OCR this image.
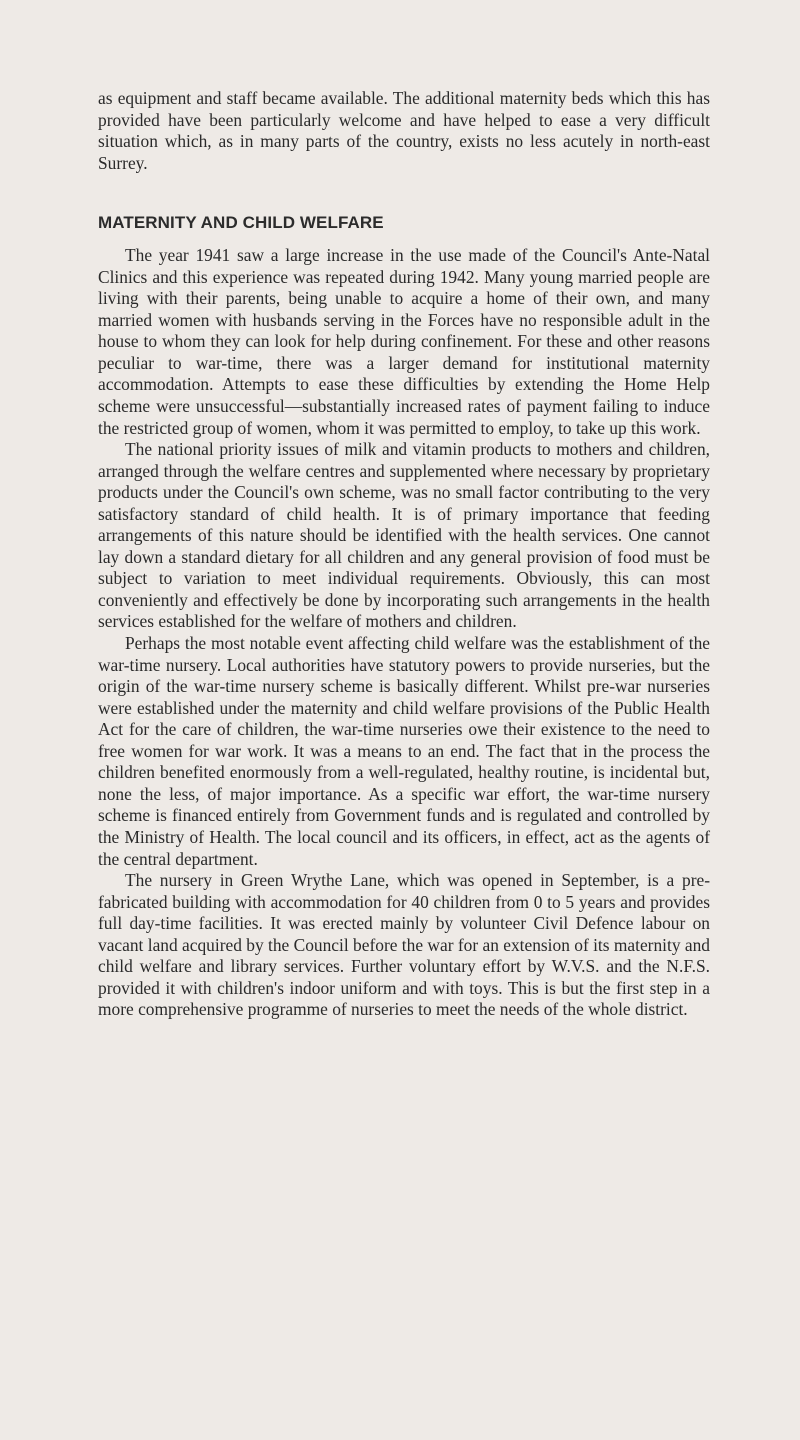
as equipment and staff became available. The additional maternity beds which this has provided have been particularly welcome and have helped to ease a very difficult situation which, as in many parts of the country, exists no less acutely in north-east Surrey.

MATERNITY AND CHILD WELFARE

The year 1941 saw a large increase in the use made of the Council's Ante-Natal Clinics and this experience was repeated during 1942. Many young married people are living with their parents, being unable to acquire a home of their own, and many married women with husbands serving in the Forces have no responsible adult in the house to whom they can look for help during confinement. For these and other reasons peculiar to war-time, there was a larger demand for institutional maternity accommodation. Attempts to ease these difficulties by extending the Home Help scheme were unsuccessful—substantially increased rates of payment failing to induce the restricted group of women, whom it was permitted to employ, to take up this work.

The national priority issues of milk and vitamin products to mothers and children, arranged through the welfare centres and supplemented where necessary by proprietary products under the Council's own scheme, was no small factor contributing to the very satisfactory standard of child health. It is of primary importance that feeding arrangements of this nature should be identified with the health services. One cannot lay down a standard dietary for all children and any general provision of food must be subject to variation to meet individual requirements. Obviously, this can most conveniently and effectively be done by incorporating such arrangements in the health services established for the welfare of mothers and children.

Perhaps the most notable event affecting child welfare was the establishment of the war-time nursery. Local authorities have statutory powers to provide nurseries, but the origin of the war-time nursery scheme is basically different. Whilst pre-war nurseries were established under the maternity and child welfare provisions of the Public Health Act for the care of children, the war-time nurseries owe their existence to the need to free women for war work. It was a means to an end. The fact that in the process the children benefited enormously from a well-regulated, healthy routine, is incidental but, none the less, of major importance. As a specific war effort, the war-time nursery scheme is financed entirely from Government funds and is regulated and controlled by the Ministry of Health. The local council and its officers, in effect, act as the agents of the central department.

The nursery in Green Wrythe Lane, which was opened in September, is a pre-fabricated building with accommodation for 40 children from 0 to 5 years and provides full day-time facilities. It was erected mainly by volunteer Civil Defence labour on vacant land acquired by the Council before the war for an extension of its maternity and child welfare and library services. Further voluntary effort by W.V.S. and the N.F.S. provided it with children's indoor uniform and with toys. This is but the first step in a more comprehensive programme of nurseries to meet the needs of the whole district.
